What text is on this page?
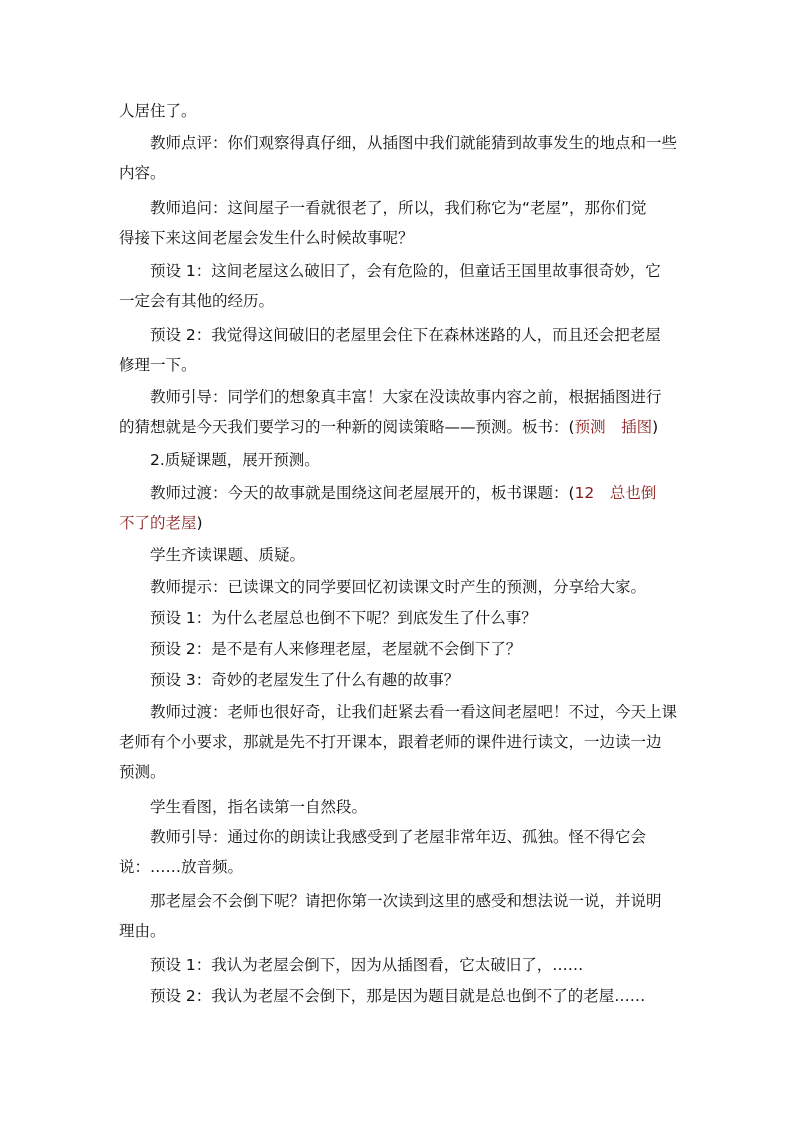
人居住了。
教师点评：你们观察得真仔细，从插图中我们就能猜到故事发生的地点和一些
内容。
教师追问：这间屋子一看就很老了，所以，我们称它为“老屋”，那你们觉
得接下来这间老屋会发生什么时候故事呢？
预设 1：这间老屋这么破旧了，会有危险的，但童话王国里故事很奇妙，它
一定会有其他的经历。
预设 2：我觉得这间破旧的老屋里会住下在森林迷路的人，而且还会把老屋
修理一下。
教师引导：同学们的想象真丰富！大家在没读故事内容之前，根据插图进行
的猜想就是今天我们要学习的一种新的阅读策略——预测。板书：(预测　插图)
2.质疑课题，展开预测。
教师过渡：今天的故事就是围绕这间老屋展开的，板书课题：(12　总也倒
不了的老屋)
学生齐读课题、质疑。
教师提示：已读课文的同学要回忆初读课文时产生的预测，分享给大家。
预设 1：为什么老屋总也倒不下呢？到底发生了什么事？
预设 2：是不是有人来修理老屋，老屋就不会倒下了？
预设 3：奇妙的老屋发生了什么有趣的故事？
教师过渡：老师也很好奇，让我们赶紧去看一看这间老屋吧！不过，今天上课
老师有个小要求，那就是先不打开课本，跟着老师的课件进行读文，一边读一边
预测。
学生看图，指名读第一自然段。
教师引导：通过你的朗读让我感受到了老屋非常年迈、孤独。怪不得它会
说：……放音频。
那老屋会不会倒下呢？请把你第一次读到这里的感受和想法说一说，并说明
理由。
预设 1：我认为老屋会倒下，因为从插图看，它太破旧了，……
预设 2：我认为老屋不会倒下，那是因为题目就是总也倒不了的老屋……
